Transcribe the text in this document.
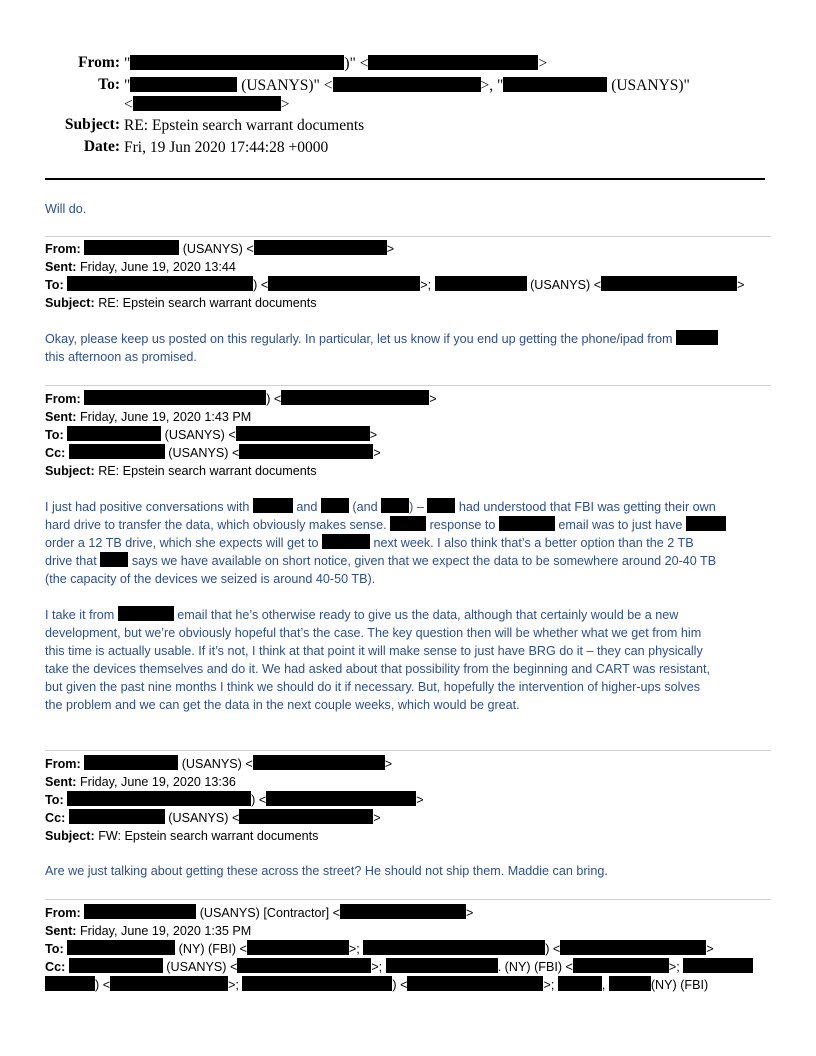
From: "	)" <	>
To: "	(USANYS)" <	>, "	(USANYS)"
<	>
Subject: RE: Epstein search warrant documents
Date: Fri, 19 Jun 2020 17:44:28 +0000
Will do.
From:	(USANYS) <	>
Sent: Friday, June 19, 2020 13:44
To:	) <	>;	(USANYS) <	>
Subject: RE: Epstein search warrant documents
Okay, please keep us posted on this regularly. In particular, let us know if you end up getting the phone/ipad from
this afternoon as promised.
From:	) <	>
Sent: Friday, June 19, 2020 1:43 PM
To:	(USANYS) <	>
Cc:	(USANYS) <	>
Subject: RE: Epstein search warrant documents
I just had positive conversations with	and	(and	) –	had understood that FBI was getting their own
hard drive to transfer the data, which obviously makes sense.	response to	email was to just have
order a 12 TB drive, which she expects will get to	next week. I also think that’s a better option than the 2 TB
drive that	says we have available on short notice, given that we expect the data to be somewhere around 20-40 TB
(the capacity of the devices we seized is around 40-50 TB).
I take it from	email that he’s otherwise ready to give us the data, although that certainly would be a new
development, but we’re obviously hopeful that’s the case. The key question then will be whether what we get from him
this time is actually usable. If it’s not, I think at that point it will make sense to just have BRG do it – they can physically
take the devices themselves and do it. We had asked about that possibility from the beginning and CART was resistant,
but given the past nine months I think we should do it if necessary. But, hopefully the intervention of higher-ups solves
the problem and we can get the data in the next couple weeks, which would be great.
From:	(USANYS) <	>
Sent: Friday, June 19, 2020 13:36
To:	) <	>
Cc:	(USANYS) <	>
Subject: FW: Epstein search warrant documents
Are we just talking about getting these across the street? He should not ship them. Maddie can bring.
From:	(USANYS) [Contractor] <	>
Sent: Friday, June 19, 2020 1:35 PM
To:	(NY) (FBI) <	>;	) <	>
Cc:	(USANYS) <	>;	. (NY) (FBI) <	>;
) <	>;	) <	>;	,	(NY) (FBI)
